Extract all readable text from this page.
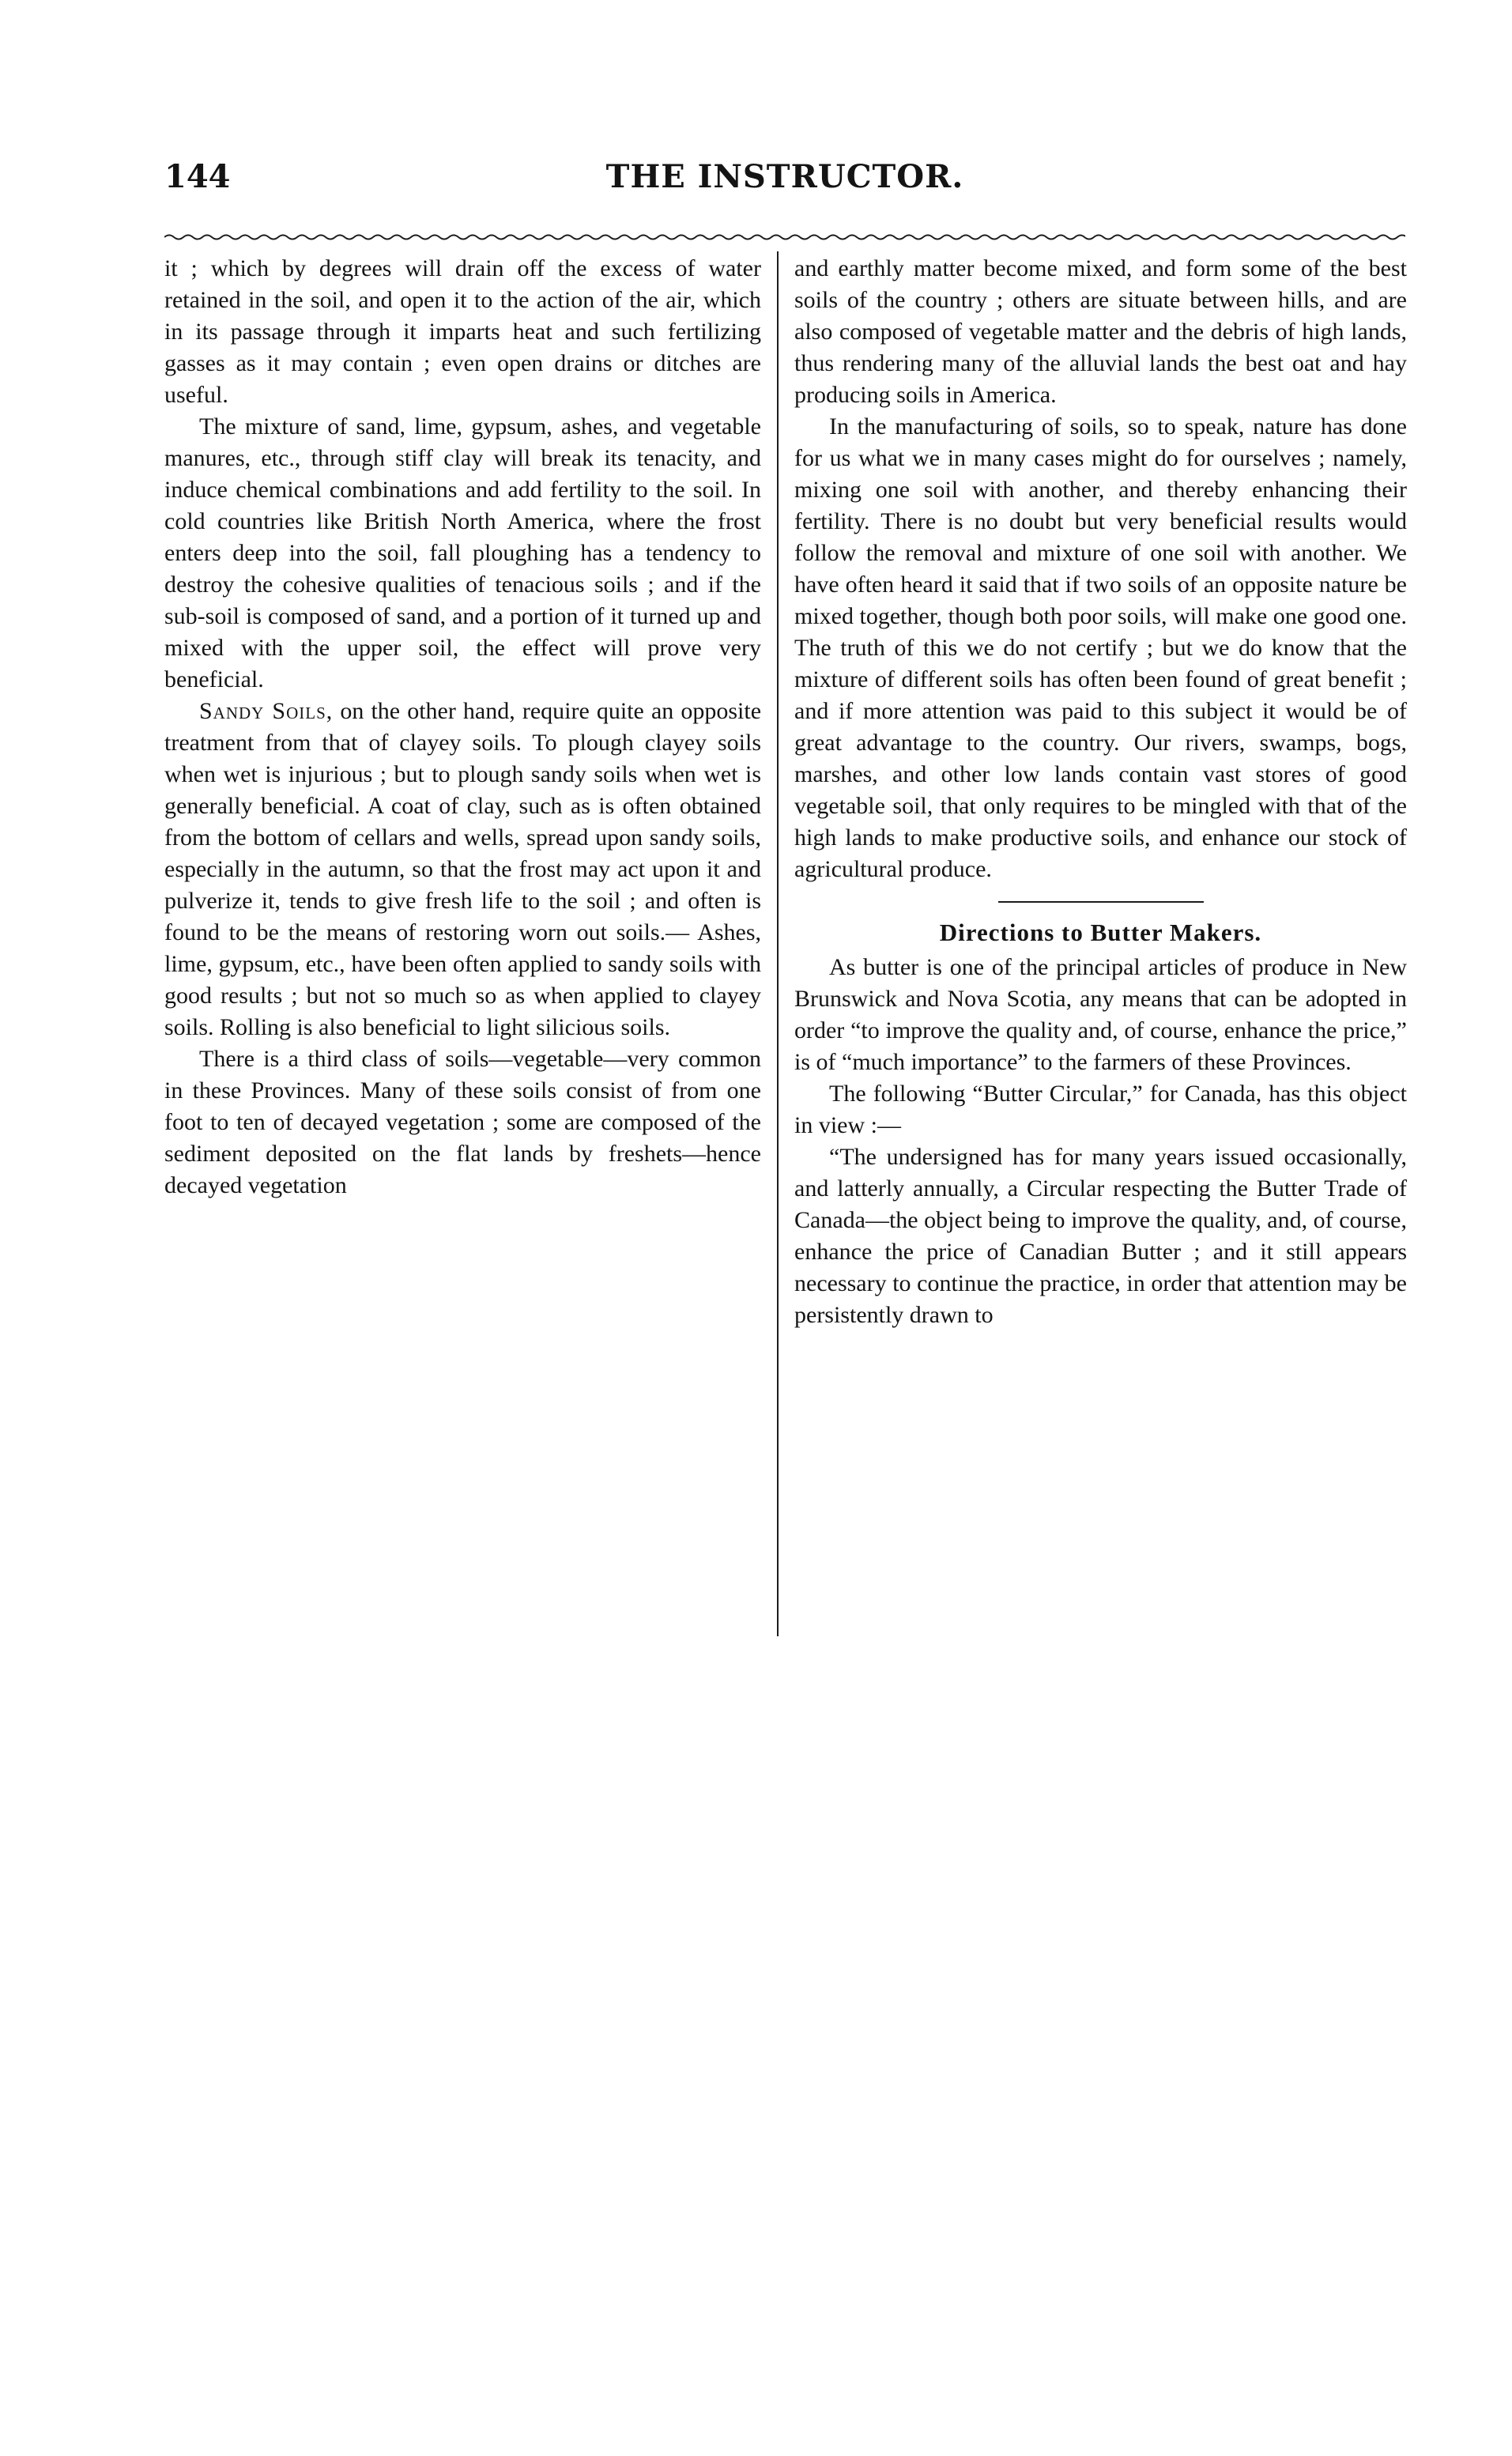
144	THE INSTRUCTOR.

it ; which by degrees will drain off the excess of water retained in the soil, and open it to the action of the air, which in its passage through it imparts heat and such fertilizing gasses as it may contain ; even open drains or ditches are useful.

The mixture of sand, lime, gypsum, ashes, and vegetable manures, etc., through stiff clay will break its tenacity, and induce chemical combinations and add fertility to the soil. In cold countries like British North America, where the frost enters deep into the soil, fall ploughing has a tendency to destroy the cohesive qualities of tenacious soils ; and if the sub-soil is composed of sand, and a portion of it turned up and mixed with the upper soil, the effect will prove very beneficial.

Sandy Soils, on the other hand, require quite an opposite treatment from that of clayey soils. To plough clayey soils when wet is injurious ; but to plough sandy soils when wet is generally beneficial. A coat of clay, such as is often obtained from the bottom of cellars and wells, spread upon sandy soils, especially in the autumn, so that the frost may act upon it and pulverize it, tends to give fresh life to the soil ; and often is found to be the means of restoring worn out soils.— Ashes, lime, gypsum, etc., have been often applied to sandy soils with good results ; but not so much so as when applied to clayey soils. Rolling is also beneficial to light silicious soils.

There is a third class of soils—vegetable—very common in these Provinces. Many of these soils consist of from one foot to ten of decayed vegetation ; some are composed of the sediment deposited on the flat lands by freshets—hence decayed vegetation

and earthly matter become mixed, and form some of the best soils of the country ; others are situate between hills, and are also composed of vegetable matter and the debris of high lands, thus rendering many of the alluvial lands the best oat and hay producing soils in America.

In the manufacturing of soils, so to speak, nature has done for us what we in many cases might do for ourselves ; namely, mixing one soil with another, and thereby enhancing their fertility. There is no doubt but very beneficial results would follow the removal and mixture of one soil with another. We have often heard it said that if two soils of an opposite nature be mixed together, though both poor soils, will make one good one. The truth of this we do not certify ; but we do know that the mixture of different soils has often been found of great benefit ; and if more attention was paid to this subject it would be of great advantage to the country. Our rivers, swamps, bogs, marshes, and other low lands contain vast stores of good vegetable soil, that only requires to be mingled with that of the high lands to make productive soils, and enhance our stock of agricultural produce.

Directions to Butter Makers.

As butter is one of the principal articles of produce in New Brunswick and Nova Scotia, any means that can be adopted in order “to improve the quality and, of course, enhance the price,” is of “much importance” to the farmers of these Provinces.

The following “Butter Circular,” for Canada, has this object in view :—

“The undersigned has for many years issued occasionally, and latterly annually, a Circular respecting the Butter Trade of Canada—the object being to improve the quality, and, of course, enhance the price of Canadian Butter ; and it still appears necessary to continue the practice, in order that attention may be persistently drawn to
